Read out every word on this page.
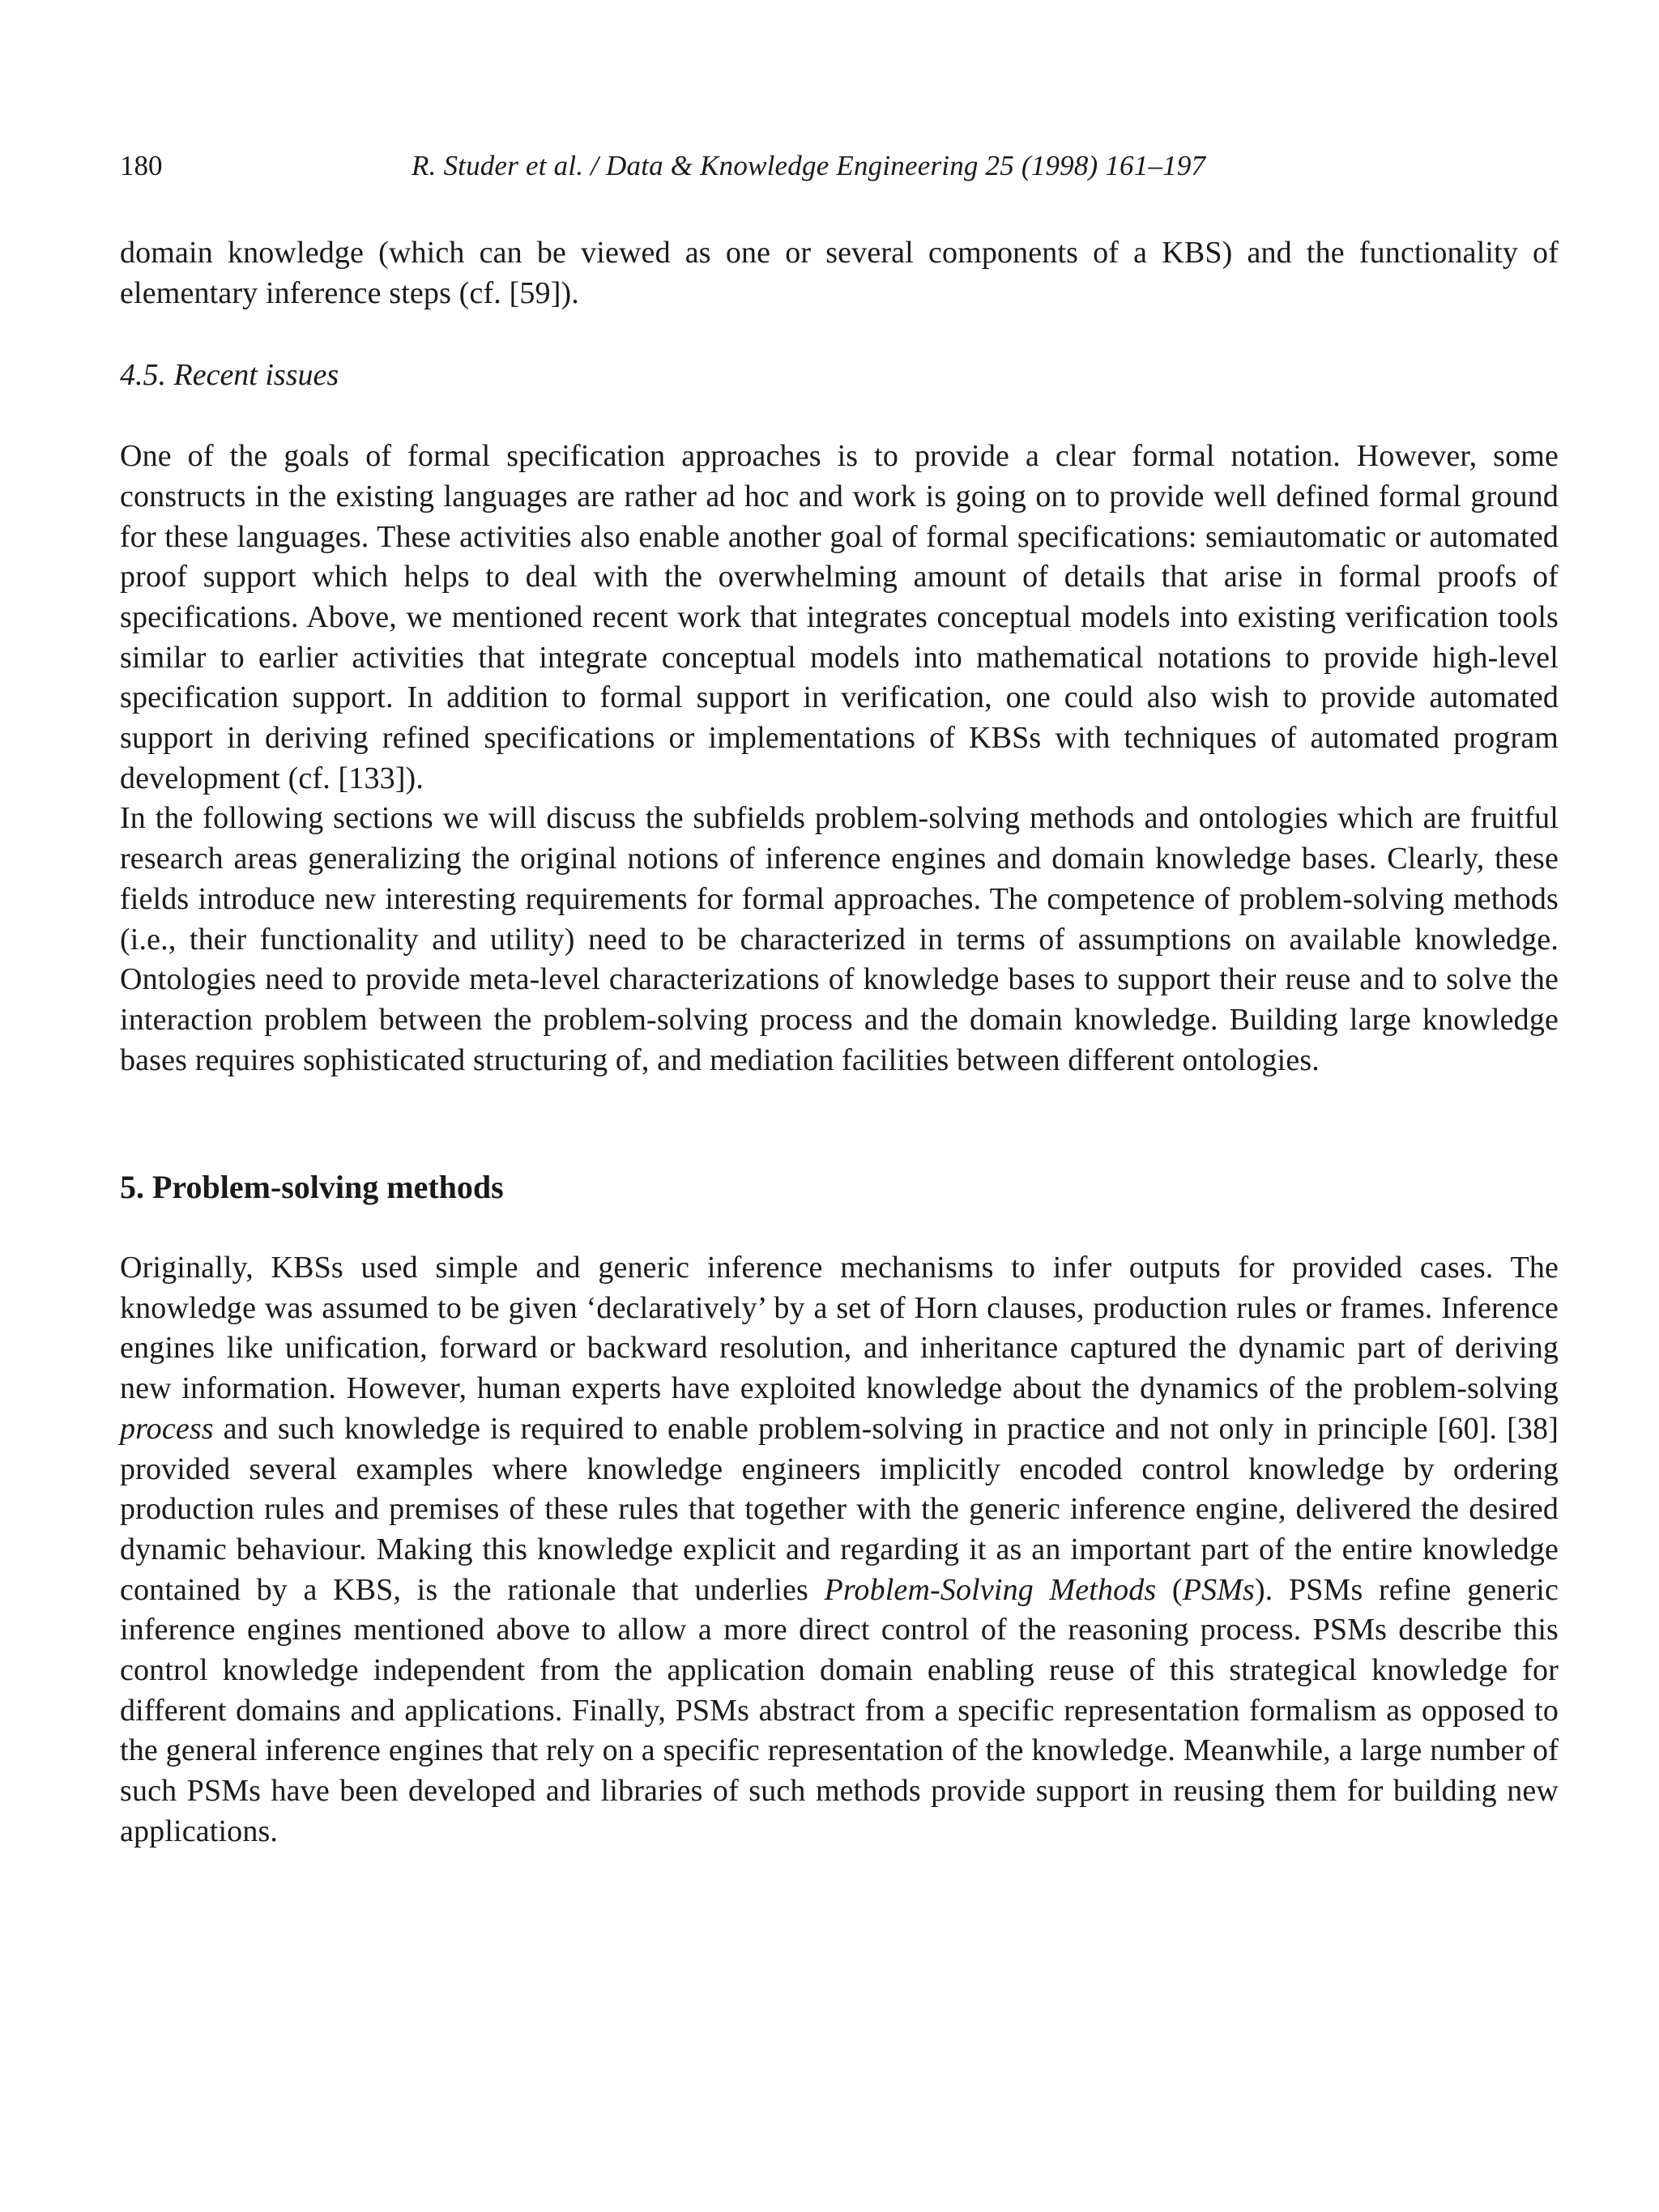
180	R. Studer et al. / Data & Knowledge Engineering 25 (1998) 161–197

domain knowledge (which can be viewed as one or several components of a KBS) and the functionality of elementary inference steps (cf. [59]).

4.5. Recent issues

One of the goals of formal specification approaches is to provide a clear formal notation. However, some constructs in the existing languages are rather ad hoc and work is going on to provide well defined formal ground for these languages. These activities also enable another goal of formal specifications: semiautomatic or automated proof support which helps to deal with the overwhelming amount of details that arise in formal proofs of specifications. Above, we mentioned recent work that integrates conceptual models into existing verification tools similar to earlier activities that integrate conceptual models into mathematical notations to provide high-level specification support. In addition to formal support in verification, one could also wish to provide automated support in deriving refined specifications or implementations of KBSs with techniques of automated program development (cf. [133]).

In the following sections we will discuss the subfields problem-solving methods and ontologies which are fruitful research areas generalizing the original notions of inference engines and domain knowledge bases. Clearly, these fields introduce new interesting requirements for formal approaches. The competence of problem-solving methods (i.e., their functionality and utility) need to be characterized in terms of assumptions on available knowledge. Ontologies need to provide meta-level characterizations of knowledge bases to support their reuse and to solve the interaction problem between the problem-solving process and the domain knowledge. Building large knowledge bases requires sophisticated structuring of, and mediation facilities between different ontologies.

5. Problem-solving methods

Originally, KBSs used simple and generic inference mechanisms to infer outputs for provided cases. The knowledge was assumed to be given ‘declaratively’ by a set of Horn clauses, production rules or frames. Inference engines like unification, forward or backward resolution, and inheritance captured the dynamic part of deriving new information. However, human experts have exploited knowledge about the dynamics of the problem-solving process and such knowledge is required to enable problem-solving in practice and not only in principle [60]. [38] provided several examples where knowledge engineers implicitly encoded control knowledge by ordering production rules and premises of these rules that together with the generic inference engine, delivered the desired dynamic behaviour. Making this knowledge explicit and regarding it as an important part of the entire knowledge contained by a KBS, is the rationale that underlies Problem-Solving Methods (PSMs). PSMs refine generic inference engines mentioned above to allow a more direct control of the reasoning process. PSMs describe this control knowledge independent from the application domain enabling reuse of this strategical knowledge for different domains and applications. Finally, PSMs abstract from a specific representation formalism as opposed to the general inference engines that rely on a specific representation of the knowledge. Meanwhile, a large number of such PSMs have been developed and libraries of such methods provide support in reusing them for building new applications.
